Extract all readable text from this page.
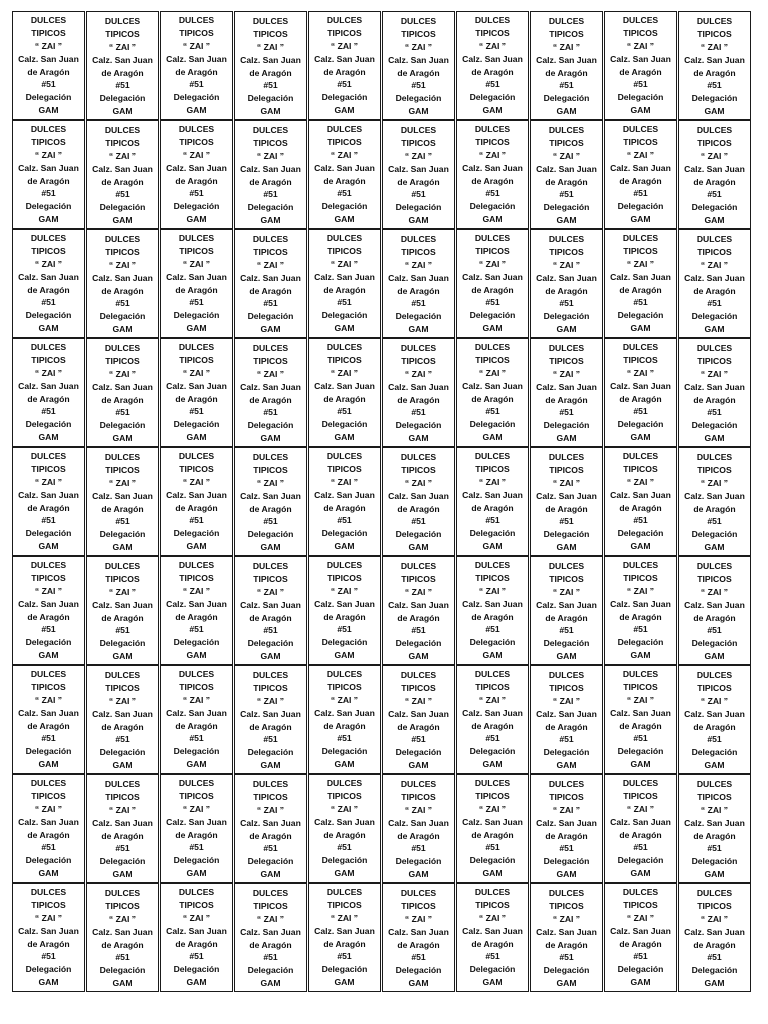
DULCES
TIPICOS
“ ZAI ”
Calz. San Juan
de Aragón
#51
Delegación
GAM
DULCES
TIPICOS
“ ZAI ”
Calz. San Juan
de Aragón
#51
Delegación
GAM
DULCES
TIPICOS
“ ZAI ”
Calz. San Juan
de Aragón
#51
Delegación
GAM
DULCES
TIPICOS
“ ZAI ”
Calz. San Juan
de Aragón
#51
Delegación
GAM
DULCES
TIPICOS
“ ZAI ”
Calz. San Juan
de Aragón
#51
Delegación
GAM
DULCES
TIPICOS
“ ZAI ”
Calz. San Juan
de Aragón
#51
Delegación
GAM
DULCES
TIPICOS
“ ZAI ”
Calz. San Juan
de Aragón
#51
Delegación
GAM
DULCES
TIPICOS
“ ZAI ”
Calz. San Juan
de Aragón
#51
Delegación
GAM
DULCES
TIPICOS
“ ZAI ”
Calz. San Juan
de Aragón
#51
Delegación
GAM
DULCES
TIPICOS
“ ZAI ”
Calz. San Juan
de Aragón
#51
Delegación
GAM
DULCES
TIPICOS
“ ZAI ”
Calz. San Juan
de Aragón
#51
Delegación
GAM
DULCES
TIPICOS
“ ZAI ”
Calz. San Juan
de Aragón
#51
Delegación
GAM
DULCES
TIPICOS
“ ZAI ”
Calz. San Juan
de Aragón
#51
Delegación
GAM
DULCES
TIPICOS
“ ZAI ”
Calz. San Juan
de Aragón
#51
Delegación
GAM
DULCES
TIPICOS
“ ZAI ”
Calz. San Juan
de Aragón
#51
Delegación
GAM
DULCES
TIPICOS
“ ZAI ”
Calz. San Juan
de Aragón
#51
Delegación
GAM
DULCES
TIPICOS
“ ZAI ”
Calz. San Juan
de Aragón
#51
Delegación
GAM
DULCES
TIPICOS
“ ZAI ”
Calz. San Juan
de Aragón
#51
Delegación
GAM
DULCES
TIPICOS
“ ZAI ”
Calz. San Juan
de Aragón
#51
Delegación
GAM
DULCES
TIPICOS
“ ZAI ”
Calz. San Juan
de Aragón
#51
Delegación
GAM
DULCES
TIPICOS
“ ZAI ”
Calz. San Juan
de Aragón
#51
Delegación
GAM
DULCES
TIPICOS
“ ZAI ”
Calz. San Juan
de Aragón
#51
Delegación
GAM
DULCES
TIPICOS
“ ZAI ”
Calz. San Juan
de Aragón
#51
Delegación
GAM
DULCES
TIPICOS
“ ZAI ”
Calz. San Juan
de Aragón
#51
Delegación
GAM
DULCES
TIPICOS
“ ZAI ”
Calz. San Juan
de Aragón
#51
Delegación
GAM
DULCES
TIPICOS
“ ZAI ”
Calz. San Juan
de Aragón
#51
Delegación
GAM
DULCES
TIPICOS
“ ZAI ”
Calz. San Juan
de Aragón
#51
Delegación
GAM
DULCES
TIPICOS
“ ZAI ”
Calz. San Juan
de Aragón
#51
Delegación
GAM
DULCES
TIPICOS
“ ZAI ”
Calz. San Juan
de Aragón
#51
Delegación
GAM
DULCES
TIPICOS
“ ZAI ”
Calz. San Juan
de Aragón
#51
Delegación
GAM
DULCES
TIPICOS
“ ZAI ”
Calz. San Juan
de Aragón
#51
Delegación
GAM
DULCES
TIPICOS
“ ZAI ”
Calz. San Juan
de Aragón
#51
Delegación
GAM
DULCES
TIPICOS
“ ZAI ”
Calz. San Juan
de Aragón
#51
Delegación
GAM
DULCES
TIPICOS
“ ZAI ”
Calz. San Juan
de Aragón
#51
Delegación
GAM
DULCES
TIPICOS
“ ZAI ”
Calz. San Juan
de Aragón
#51
Delegación
GAM
DULCES
TIPICOS
“ ZAI ”
Calz. San Juan
de Aragón
#51
Delegación
GAM
DULCES
TIPICOS
“ ZAI ”
Calz. San Juan
de Aragón
#51
Delegación
GAM
DULCES
TIPICOS
“ ZAI ”
Calz. San Juan
de Aragón
#51
Delegación
GAM
DULCES
TIPICOS
“ ZAI ”
Calz. San Juan
de Aragón
#51
Delegación
GAM
DULCES
TIPICOS
“ ZAI ”
Calz. San Juan
de Aragón
#51
Delegación
GAM
DULCES
TIPICOS
“ ZAI ”
Calz. San Juan
de Aragón
#51
Delegación
GAM
DULCES
TIPICOS
“ ZAI ”
Calz. San Juan
de Aragón
#51
Delegación
GAM
DULCES
TIPICOS
“ ZAI ”
Calz. San Juan
de Aragón
#51
Delegación
GAM
DULCES
TIPICOS
“ ZAI ”
Calz. San Juan
de Aragón
#51
Delegación
GAM
DULCES
TIPICOS
“ ZAI ”
Calz. San Juan
de Aragón
#51
Delegación
GAM
DULCES
TIPICOS
“ ZAI ”
Calz. San Juan
de Aragón
#51
Delegación
GAM
DULCES
TIPICOS
“ ZAI ”
Calz. San Juan
de Aragón
#51
Delegación
GAM
DULCES
TIPICOS
“ ZAI ”
Calz. San Juan
de Aragón
#51
Delegación
GAM
DULCES
TIPICOS
“ ZAI ”
Calz. San Juan
de Aragón
#51
Delegación
GAM
DULCES
TIPICOS
“ ZAI ”
Calz. San Juan
de Aragón
#51
Delegación
GAM
DULCES
TIPICOS
“ ZAI ”
Calz. San Juan
de Aragón
#51
Delegación
GAM
DULCES
TIPICOS
“ ZAI ”
Calz. San Juan
de Aragón
#51
Delegación
GAM
DULCES
TIPICOS
“ ZAI ”
Calz. San Juan
de Aragón
#51
Delegación
GAM
DULCES
TIPICOS
“ ZAI ”
Calz. San Juan
de Aragón
#51
Delegación
GAM
DULCES
TIPICOS
“ ZAI ”
Calz. San Juan
de Aragón
#51
Delegación
GAM
DULCES
TIPICOS
“ ZAI ”
Calz. San Juan
de Aragón
#51
Delegación
GAM
DULCES
TIPICOS
“ ZAI ”
Calz. San Juan
de Aragón
#51
Delegación
GAM
DULCES
TIPICOS
“ ZAI ”
Calz. San Juan
de Aragón
#51
Delegación
GAM
DULCES
TIPICOS
“ ZAI ”
Calz. San Juan
de Aragón
#51
Delegación
GAM
DULCES
TIPICOS
“ ZAI ”
Calz. San Juan
de Aragón
#51
Delegación
GAM
DULCES
TIPICOS
“ ZAI ”
Calz. San Juan
de Aragón
#51
Delegación
GAM
DULCES
TIPICOS
“ ZAI ”
Calz. San Juan
de Aragón
#51
Delegación
GAM
DULCES
TIPICOS
“ ZAI ”
Calz. San Juan
de Aragón
#51
Delegación
GAM
DULCES
TIPICOS
“ ZAI ”
Calz. San Juan
de Aragón
#51
Delegación
GAM
DULCES
TIPICOS
“ ZAI ”
Calz. San Juan
de Aragón
#51
Delegación
GAM
DULCES
TIPICOS
“ ZAI ”
Calz. San Juan
de Aragón
#51
Delegación
GAM
DULCES
TIPICOS
“ ZAI ”
Calz. San Juan
de Aragón
#51
Delegación
GAM
DULCES
TIPICOS
“ ZAI ”
Calz. San Juan
de Aragón
#51
Delegación
GAM
DULCES
TIPICOS
“ ZAI ”
Calz. San Juan
de Aragón
#51
Delegación
GAM
DULCES
TIPICOS
“ ZAI ”
Calz. San Juan
de Aragón
#51
Delegación
GAM
DULCES
TIPICOS
“ ZAI ”
Calz. San Juan
de Aragón
#51
Delegación
GAM
DULCES
TIPICOS
“ ZAI ”
Calz. San Juan
de Aragón
#51
Delegación
GAM
DULCES
TIPICOS
“ ZAI ”
Calz. San Juan
de Aragón
#51
Delegación
GAM
DULCES
TIPICOS
“ ZAI ”
Calz. San Juan
de Aragón
#51
Delegación
GAM
DULCES
TIPICOS
“ ZAI ”
Calz. San Juan
de Aragón
#51
Delegación
GAM
DULCES
TIPICOS
“ ZAI ”
Calz. San Juan
de Aragón
#51
Delegación
GAM
DULCES
TIPICOS
“ ZAI ”
Calz. San Juan
de Aragón
#51
Delegación
GAM
DULCES
TIPICOS
“ ZAI ”
Calz. San Juan
de Aragón
#51
Delegación
GAM
DULCES
TIPICOS
“ ZAI ”
Calz. San Juan
de Aragón
#51
Delegación
GAM
DULCES
TIPICOS
“ ZAI ”
Calz. San Juan
de Aragón
#51
Delegación
GAM
DULCES
TIPICOS
“ ZAI ”
Calz. San Juan
de Aragón
#51
Delegación
GAM
DULCES
TIPICOS
“ ZAI ”
Calz. San Juan
de Aragón
#51
Delegación
GAM
DULCES
TIPICOS
“ ZAI ”
Calz. San Juan
de Aragón
#51
Delegación
GAM
DULCES
TIPICOS
“ ZAI ”
Calz. San Juan
de Aragón
#51
Delegación
GAM
DULCES
TIPICOS
“ ZAI ”
Calz. San Juan
de Aragón
#51
Delegación
GAM
DULCES
TIPICOS
“ ZAI ”
Calz. San Juan
de Aragón
#51
Delegación
GAM
DULCES
TIPICOS
“ ZAI ”
Calz. San Juan
de Aragón
#51
Delegación
GAM
DULCES
TIPICOS
“ ZAI ”
Calz. San Juan
de Aragón
#51
Delegación
GAM
DULCES
TIPICOS
“ ZAI ”
Calz. San Juan
de Aragón
#51
Delegación
GAM
DULCES
TIPICOS
“ ZAI ”
Calz. San Juan
de Aragón
#51
Delegación
GAM
